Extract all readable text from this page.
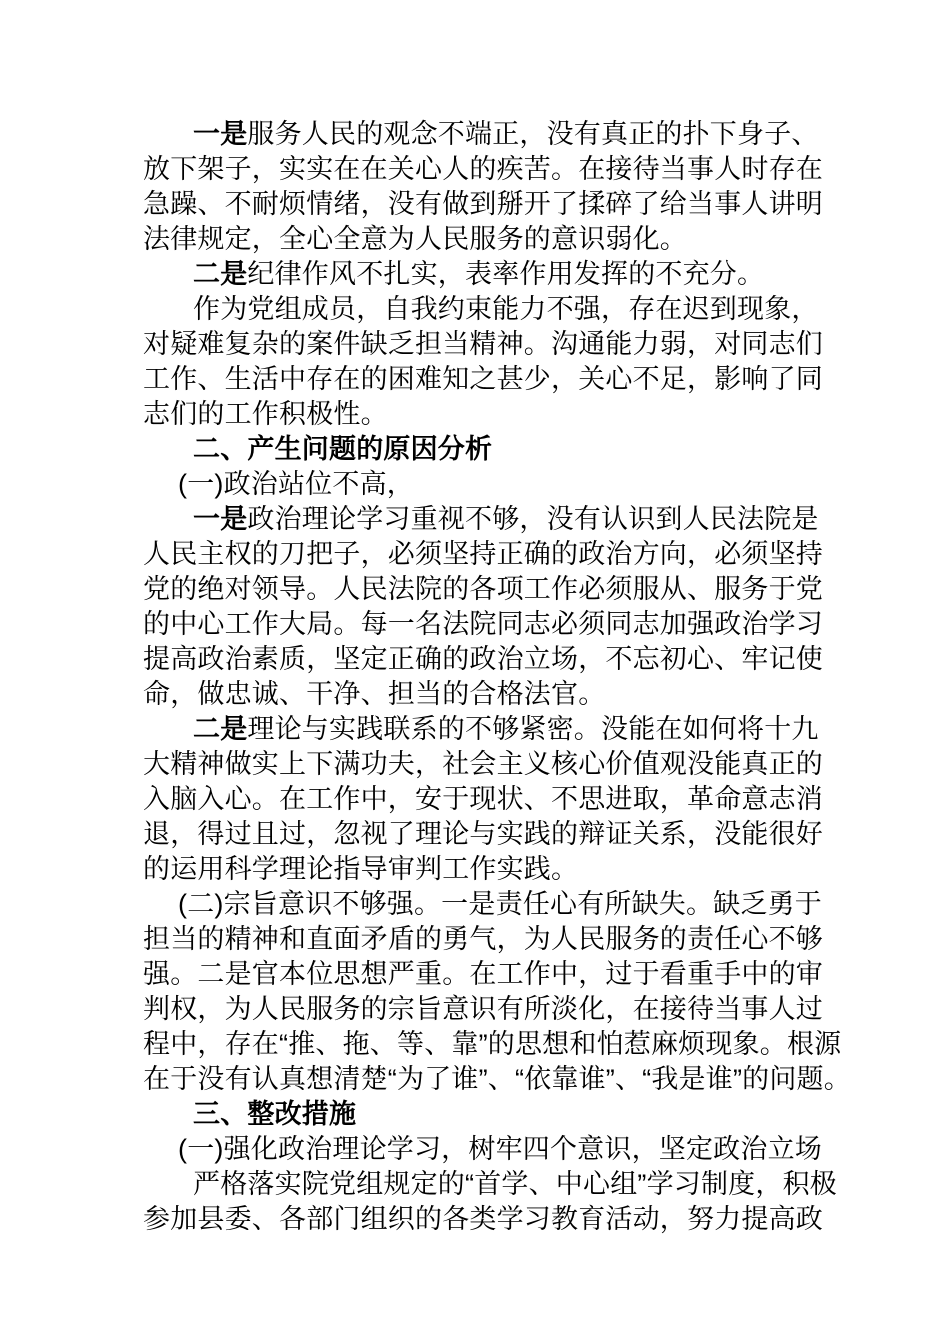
一是服务人民的观念不端正，没有真正的扑下身子、
放下架子，实实在在关心人的疾苦。在接待当事人时存在
急躁、不耐烦情绪，没有做到掰开了揉碎了给当事人讲明
法律规定，全心全意为人民服务的意识弱化。
二是纪律作风不扎实，表率作用发挥的不充分。
作为党组成员，自我约束能力不强，存在迟到现象，
对疑难复杂的案件缺乏担当精神。沟通能力弱，对同志们
工作、生活中存在的困难知之甚少，关心不足，影响了同
志们的工作积极性。
二、产生问题的原因分析
(一)政治站位不高，
一是政治理论学习重视不够，没有认识到人民法院是
人民主权的刀把子，必须坚持正确的政治方向，必须坚持
党的绝对领导。人民法院的各项工作必须服从、服务于党
的中心工作大局。每一名法院同志必须同志加强政治学习
提高政治素质，坚定正确的政治立场，不忘初心、牢记使
命，做忠诚、干净、担当的合格法官。
二是理论与实践联系的不够紧密。没能在如何将十九
大精神做实上下满功夫，社会主义核心价值观没能真正的
入脑入心。在工作中，安于现状、不思进取，革命意志消
退，得过且过，忽视了理论与实践的辩证关系，没能很好
的运用科学理论指导审判工作实践。
(二)宗旨意识不够强。一是责任心有所缺失。缺乏勇于
担当的精神和直面矛盾的勇气，为人民服务的责任心不够
强。二是官本位思想严重。在工作中，过于看重手中的审
判权，为人民服务的宗旨意识有所淡化，在接待当事人过
程中，存在“推、拖、等、靠”的思想和怕惹麻烦现象。根源
在于没有认真想清楚“为了谁”、“依靠谁”、“我是谁”的问题。
三、整改措施
(一)强化政治理论学习，树牢四个意识，坚定政治立场
严格落实院党组规定的“首学、中心组”学习制度，积极
参加县委、各部门组织的各类学习教育活动，努力提高政
